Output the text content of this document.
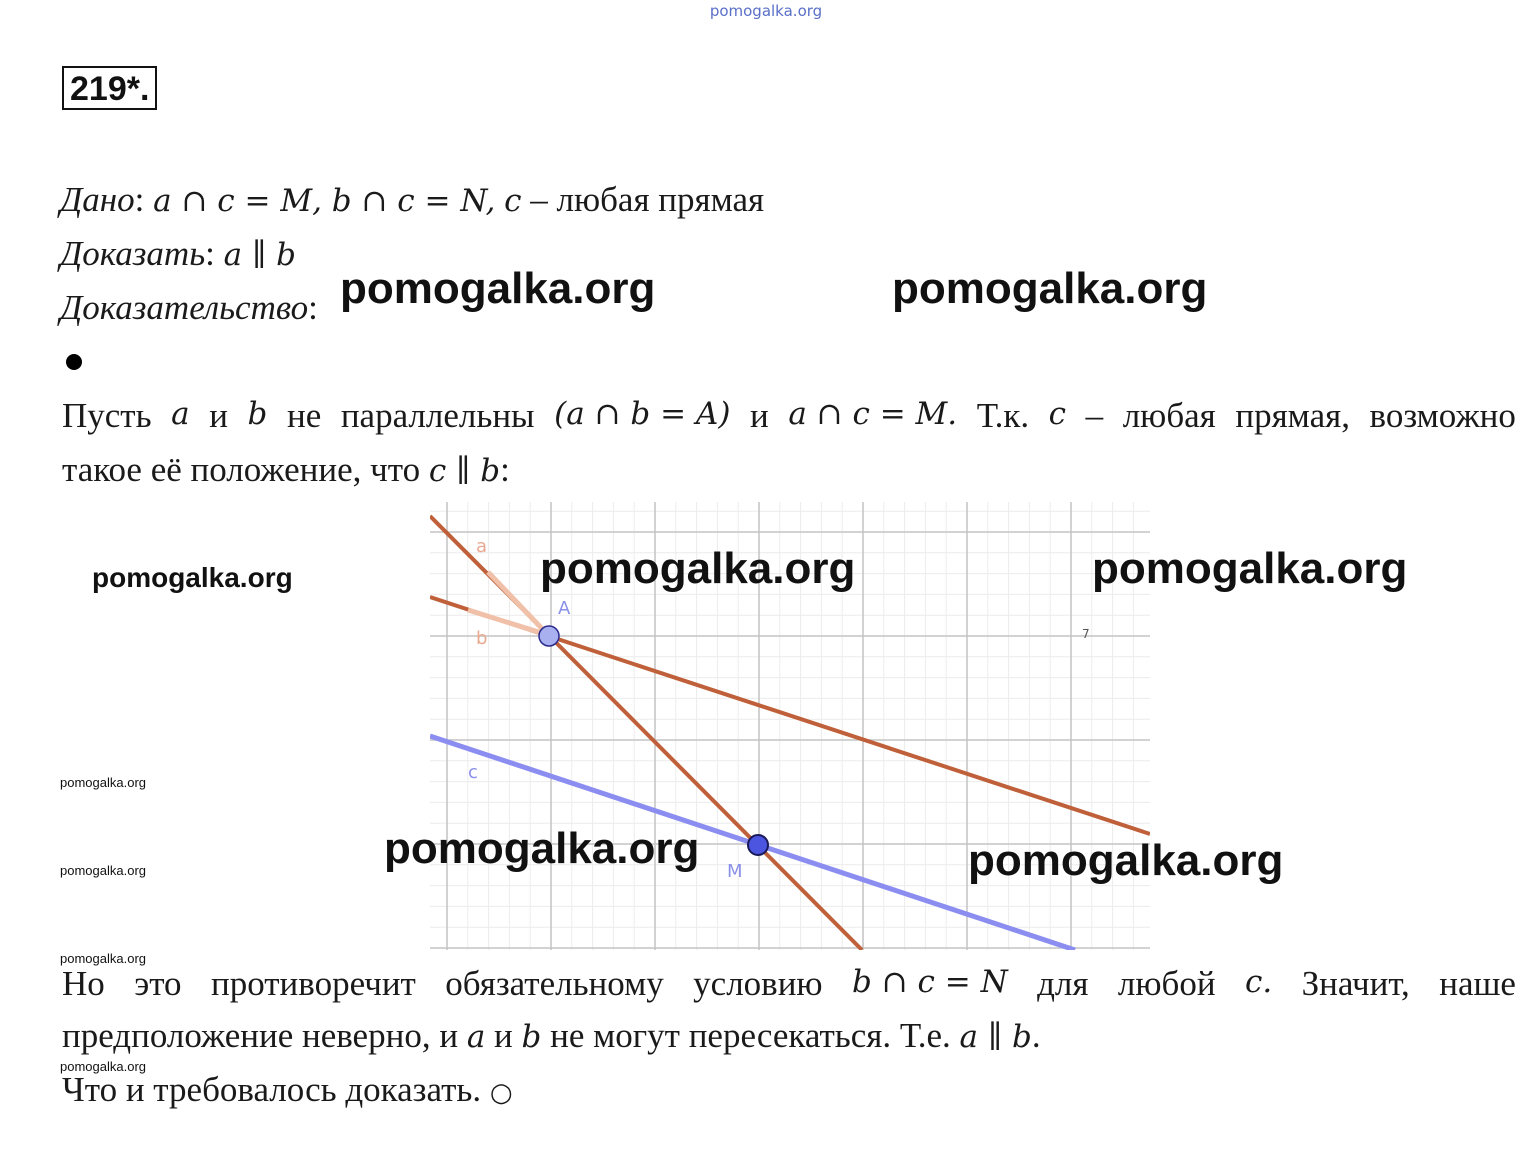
pomogalka.org
219*.
Дано: a ∩ c = M, b ∩ c = N, c – любая прямая
Доказать: a ∥ b
Доказательство:
Пусть a и b не параллельны (a ∩ b = A) и a ∩ c = M. Т.к. c – любая прямая, возможно
такое её положение, что c ∥ b:
a
b
A
c
M
7
Но это противоречит обязательному условию b ∩ c = N для любой c. Значит, наше
предположение неверно, и a и b не могут пересекаться. Т.е. a ∥ b.
Что и требовалось доказать. ○
pomogalka.org	pomogalka.org
pomogalka.org	pomogalka.org
pomogalka.org	pomogalka.org
pomogalka.org
pomogalka.org
pomogalka.org
pomogalka.org
pomogalka.org
